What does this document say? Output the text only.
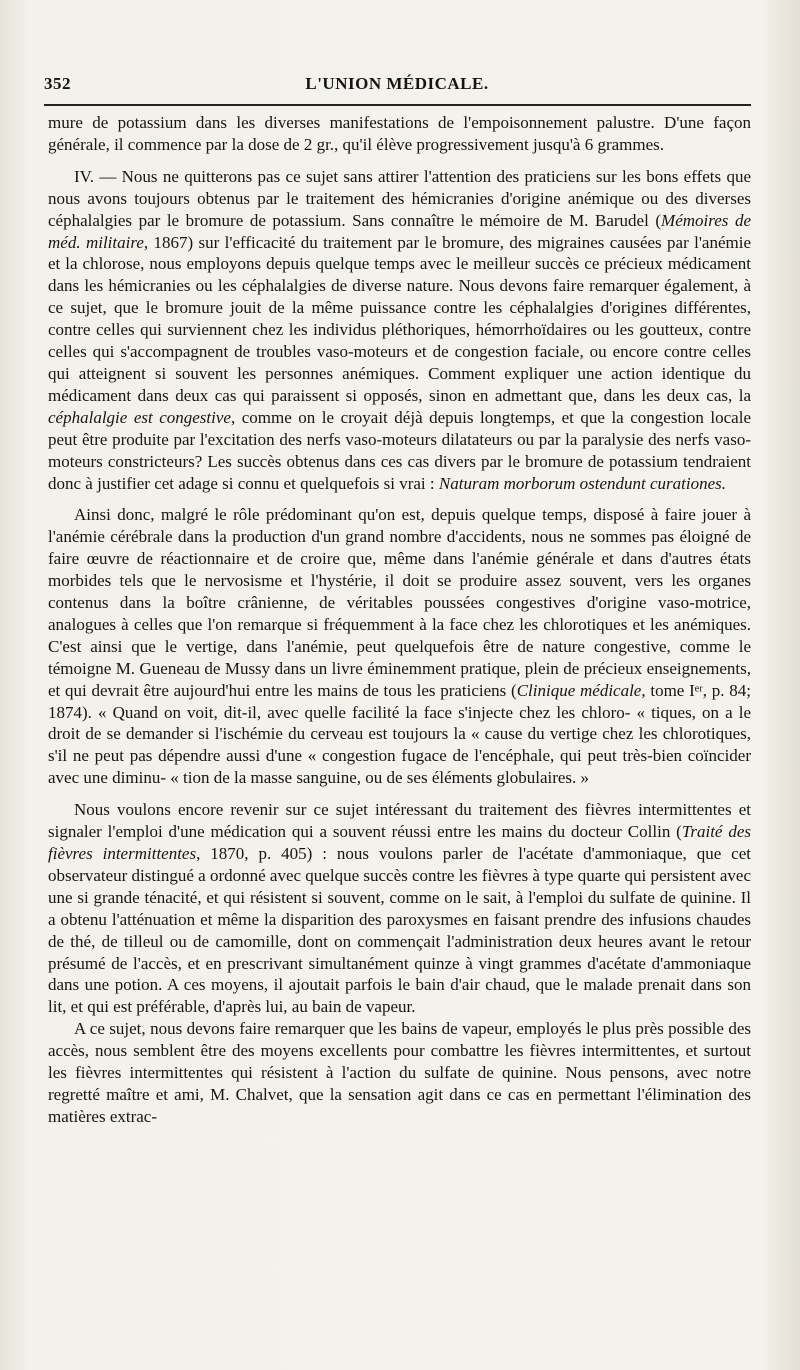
352	L'UNION MÉDICALE.

mure de potassium dans les diverses manifestations de l'empoisonnement palustre. D'une façon générale, il commence par la dose de 2 gr., qu'il élève progressivement jusqu'à 6 grammes.

IV. — Nous ne quitterons pas ce sujet sans attirer l'attention des praticiens sur les bons effets que nous avons toujours obtenus par le traitement des hémicranies d'origine anémique ou des diverses céphalalgies par le bromure de potassium. Sans connaître le mémoire de M. Barudel (Mémoires de méd. militaire, 1867) sur l'efficacité du traitement par le bromure, des migraines causées par l'anémie et la chlorose, nous employons depuis quelque temps avec le meilleur succès ce précieux médicament dans les hémicranies ou les céphalalgies de diverse nature. Nous devons faire remarquer également, à ce sujet, que le bromure jouit de la même puissance contre les céphalalgies d'origines différentes, contre celles qui surviennent chez les individus pléthoriques, hémorrhoïdaires ou les goutteux, contre celles qui s'accompagnent de troubles vaso-moteurs et de congestion faciale, ou encore contre celles qui atteignent si souvent les personnes anémiques. Comment expliquer une action identique du médicament dans deux cas qui paraissent si opposés, sinon en admettant que, dans les deux cas, la céphalalgie est congestive, comme on le croyait déjà depuis longtemps, et que la congestion locale peut être produite par l'excitation des nerfs vaso-moteurs dilatateurs ou par la paralysie des nerfs vaso-moteurs constricteurs? Les succès obtenus dans ces cas divers par le bromure de potassium tendraient donc à justifier cet adage si connu et quelquefois si vrai : Naturam morborum ostendunt curationes.

Ainsi donc, malgré le rôle prédominant qu'on est, depuis quelque temps, disposé à faire jouer à l'anémie cérébrale dans la production d'un grand nombre d'accidents, nous ne sommes pas éloigné de faire œuvre de réactionnaire et de croire que, même dans l'anémie générale et dans d'autres états morbides tels que le nervosisme et l'hystérie, il doit se produire assez souvent, vers les organes contenus dans la boître crânienne, de véritables poussées congestives d'origine vaso-motrice, analogues à celles que l'on remarque si fréquemment à la face chez les chlorotiques et les anémiques. C'est ainsi que le vertige, dans l'anémie, peut quelquefois être de nature congestive, comme le témoigne M. Gueneau de Mussy dans un livre éminemment pratique, plein de précieux enseignements, et qui devrait être aujourd'hui entre les mains de tous les praticiens (Clinique médicale, tome Iᵉʳ, p. 84; 1874). « Quand on voit, dit-il, avec quelle facilité la face s'injecte chez les chloro- « tiques, on a le droit de se demander si l'ischémie du cerveau est toujours la « cause du vertige chez les chlorotiques, s'il ne peut pas dépendre aussi d'une « congestion fugace de l'encéphale, qui peut très-bien coïncider avec une diminu- « tion de la masse sanguine, ou de ses éléments globulaires. »

Nous voulons encore revenir sur ce sujet intéressant du traitement des fièvres intermittentes et signaler l'emploi d'une médication qui a souvent réussi entre les mains du docteur Collin (Traité des fièvres intermittentes, 1870, p. 405) : nous voulons parler de l'acétate d'ammoniaque, que cet observateur distingué a ordonné avec quelque succès contre les fièvres à type quarte qui persistent avec une si grande ténacité, et qui résistent si souvent, comme on le sait, à l'emploi du sulfate de quinine. Il a obtenu l'atténuation et même la disparition des paroxysmes en faisant prendre des infusions chaudes de thé, de tilleul ou de camomille, dont on commençait l'administration deux heures avant le retour présumé de l'accès, et en prescrivant simultanément quinze à vingt grammes d'acétate d'ammoniaque dans une potion. A ces moyens, il ajoutait parfois le bain d'air chaud, que le malade prenait dans son lit, et qui est préférable, d'après lui, au bain de vapeur.

A ce sujet, nous devons faire remarquer que les bains de vapeur, employés le plus près possible des accès, nous semblent être des moyens excellents pour combattre les fièvres intermittentes, et surtout les fièvres intermittentes qui résistent à l'action du sulfate de quinine. Nous pensons, avec notre regretté maître et ami, M. Chalvet, que la sensation agit dans ce cas en permettant l'élimination des matières extrac-
